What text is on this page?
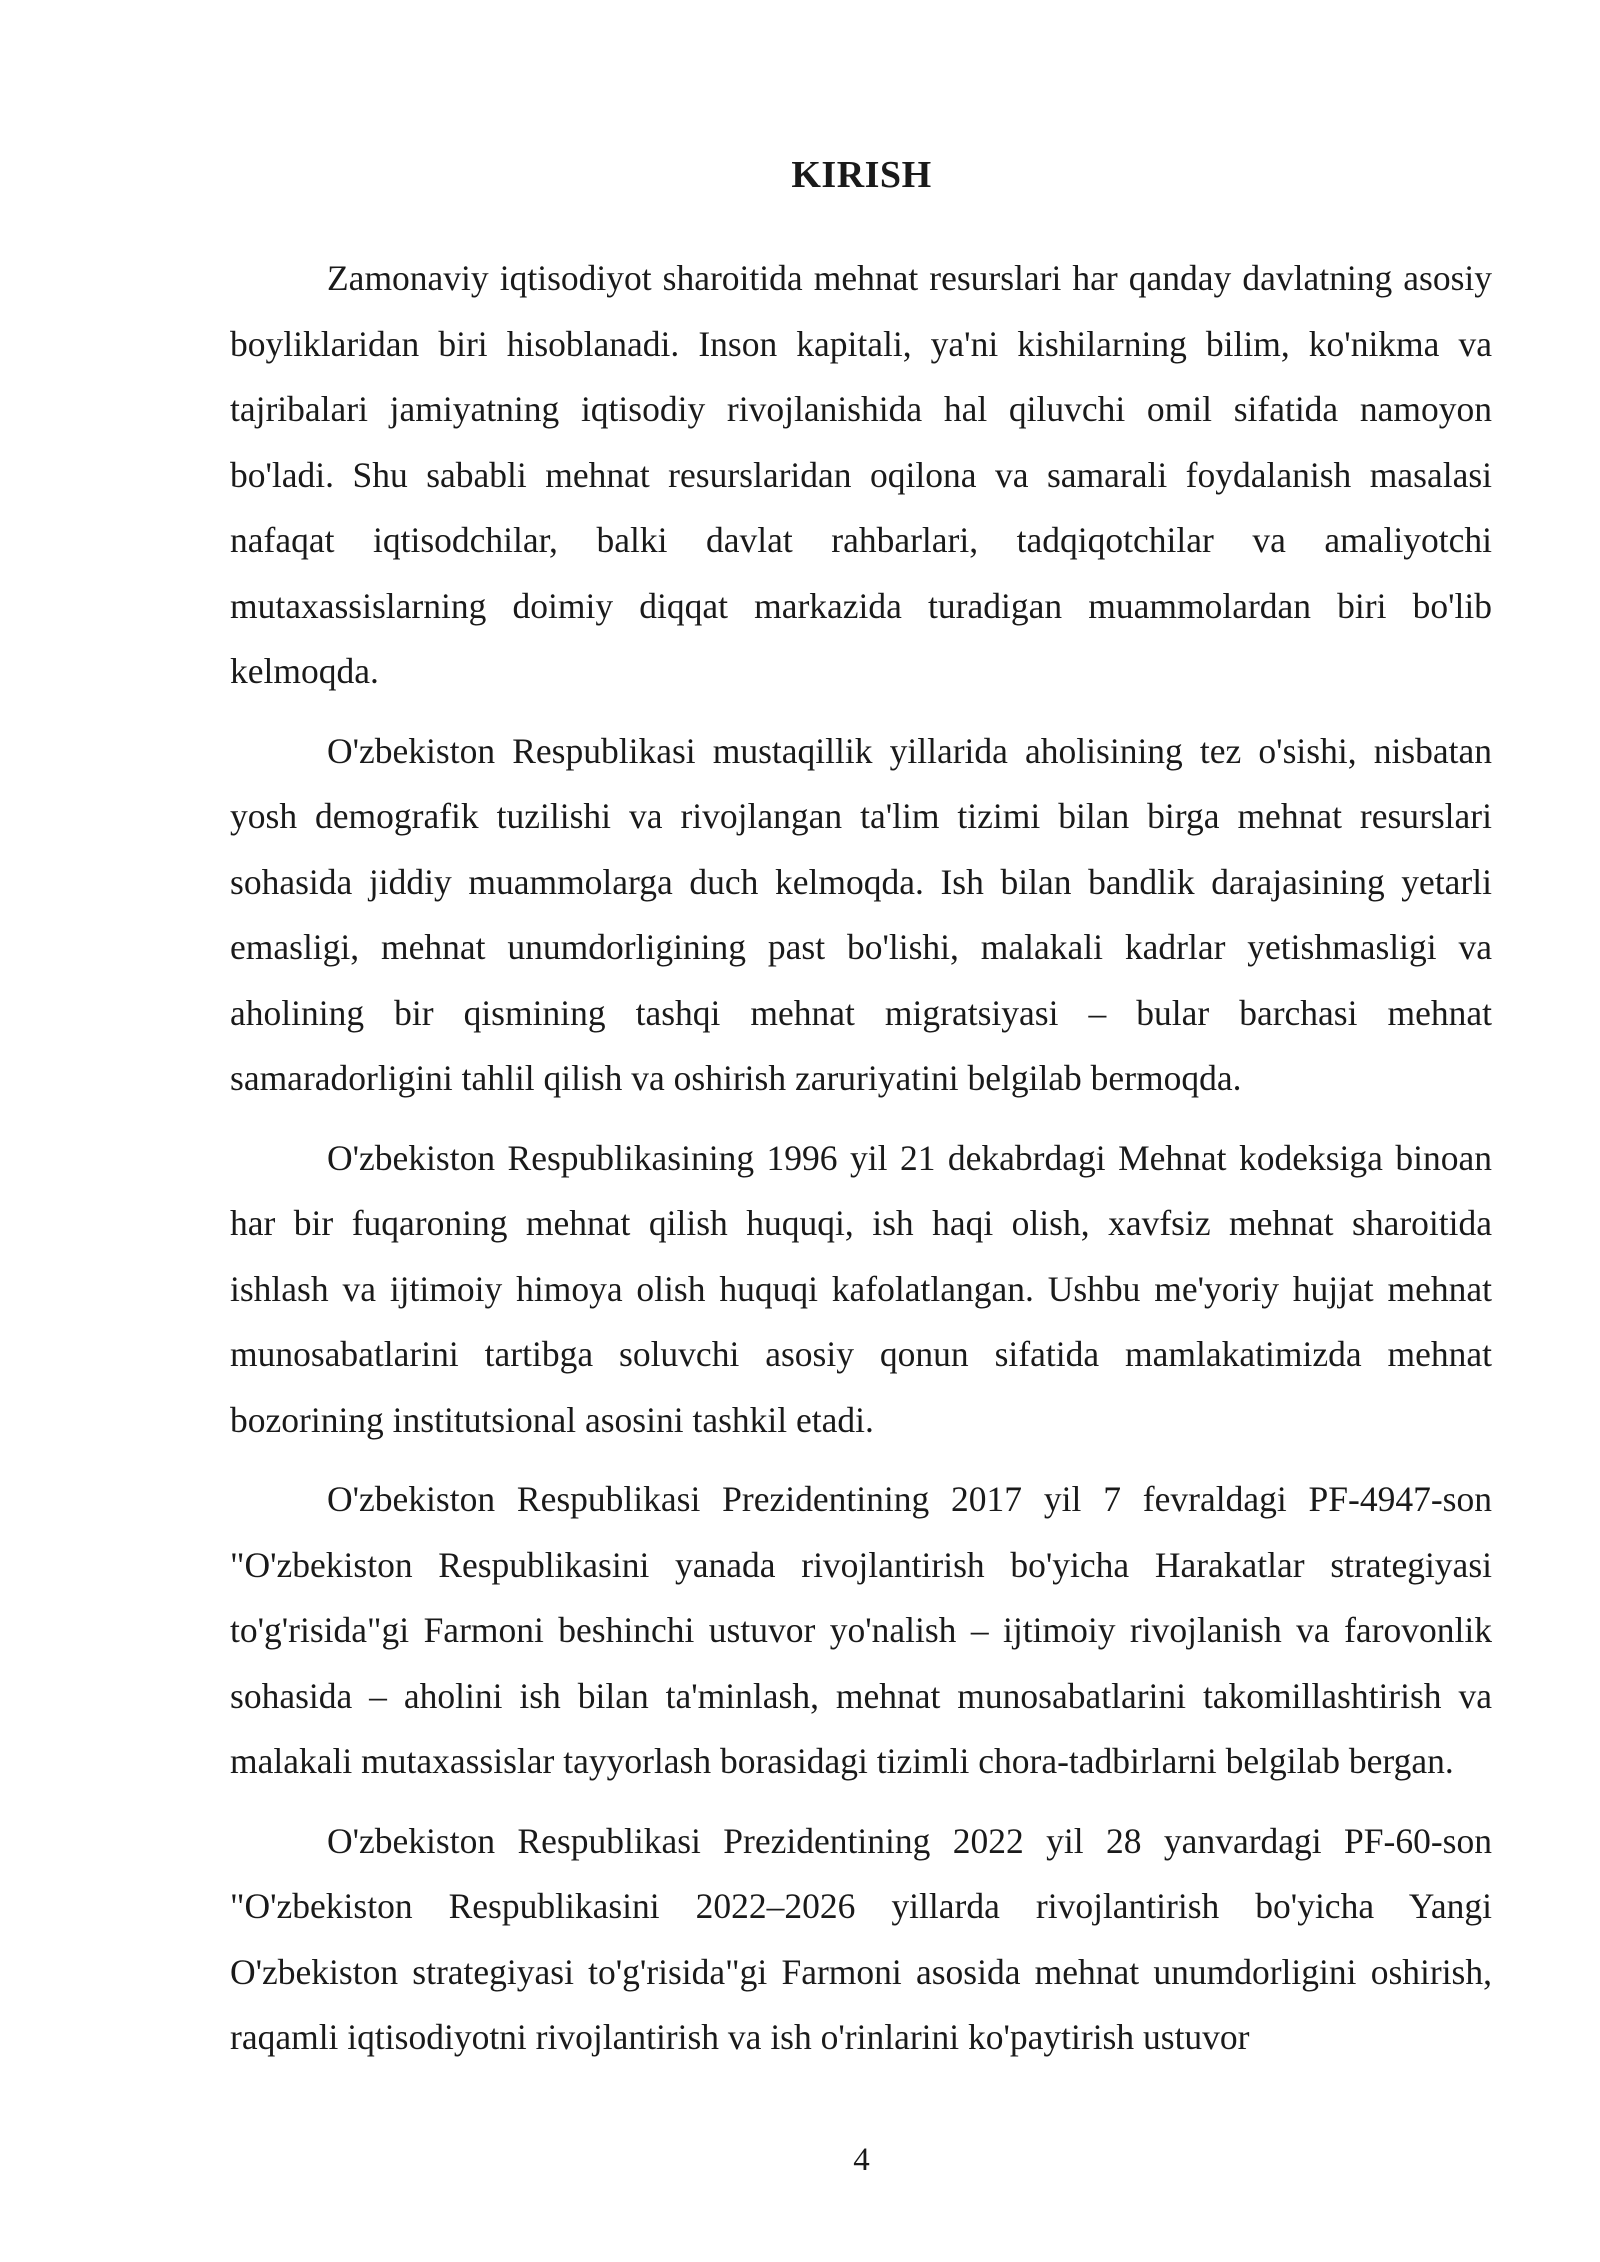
KIRISH

Zamonaviy iqtisodiyot sharoitida mehnat resurslari har qanday davlatning asosiy boyliklaridan biri hisoblanadi. Inson kapitali, ya'ni kishilarning bilim, ko'nikma va tajribalari jamiyatning iqtisodiy rivojlanishida hal qiluvchi omil sifatida namoyon bo'ladi. Shu sababli mehnat resurslaridan oqilona va samarali foydalanish masalasi nafaqat iqtisodchilar, balki davlat rahbarlari, tadqiqotchilar va amaliyotchi mutaxassislarning doimiy diqqat markazida turadigan muammolardan biri bo'lib kelmoqda.

O'zbekiston Respublikasi mustaqillik yillarida aholisining tez o'sishi, nisbatan yosh demografik tuzilishi va rivojlangan ta'lim tizimi bilan birga mehnat resurslari sohasida jiddiy muammolarga duch kelmoqda. Ish bilan bandlik darajasining yetarli emasligi, mehnat unumdorligining past bo'lishi, malakali kadrlar yetishmasligi va aholining bir qismining tashqi mehnat migratsiyasi – bular barchasi mehnat samaradorligini tahlil qilish va oshirish zaruriyatini belgilab bermoqda.

O'zbekiston Respublikasining 1996 yil 21 dekabrdagi Mehnat kodeksiga binoan har bir fuqaroning mehnat qilish huquqi, ish haqi olish, xavfsiz mehnat sharoitida ishlash va ijtimoiy himoya olish huquqi kafolatlangan. Ushbu me'yoriy hujjat mehnat munosabatlarini tartibga soluvchi asosiy qonun sifatida mamlakatimizda mehnat bozorining institutsional asosini tashkil etadi.

O'zbekiston Respublikasi Prezidentining 2017 yil 7 fevraldagi PF-4947-son "O'zbekiston Respublikasini yanada rivojlantirish bo'yicha Harakatlar strategiyasi to'g'risida"gi Farmoni beshinchi ustuvor yo'nalish – ijtimoiy rivojlanish va farovonlik sohasida – aholini ish bilan ta'minlash, mehnat munosabatlarini takomillashtirish va malakali mutaxassislar tayyorlash borasidagi tizimli chora-tadbirlarni belgilab bergan.

O'zbekiston Respublikasi Prezidentining 2022 yil 28 yanvardagi PF-60-son "O'zbekiston Respublikasini 2022–2026 yillarda rivojlantirish bo'yicha Yangi O'zbekiston strategiyasi to'g'risida"gi Farmoni asosida mehnat unumdorligini oshirish, raqamli iqtisodiyotni rivojlantirish va ish o'rinlarini ko'paytirish ustuvor

4
